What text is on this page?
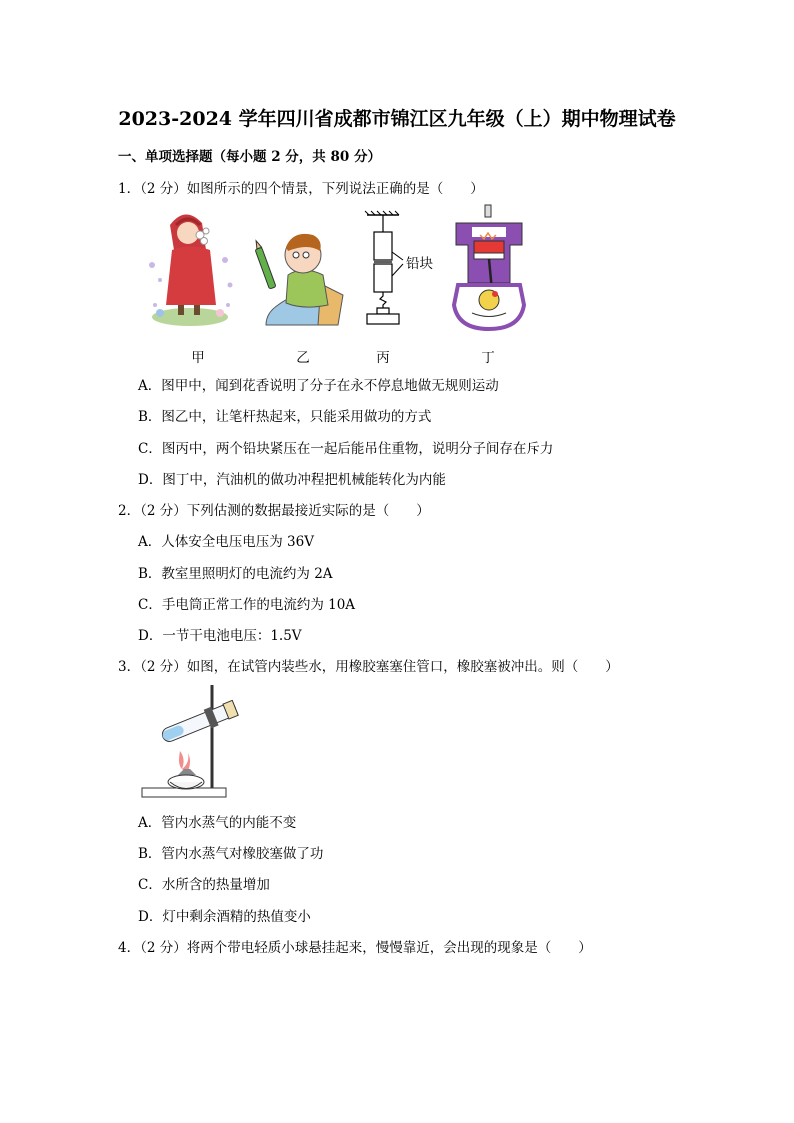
2023-2024 学年四川省成都市锦江区九年级（上）期中物理试卷
一、单项选择题（每小题 2 分，共 80 分）
1．（2 分）如图所示的四个情景，下列说法正确的是（　　）
甲	乙
铅块
丙	丁
A．图甲中，闻到花香说明了分子在永不停息地做无规则运动
B．图乙中，让笔杆热起来，只能采用做功的方式
C．图丙中，两个铅块紧压在一起后能吊住重物，说明分子间存在斥力
D．图丁中，汽油机的做功冲程把机械能转化为内能
2．（2 分）下列估测的数据最接近实际的是（　　）
A．人体安全电压电压为 36V
B．教室里照明灯的电流约为 2A
C．手电筒正常工作的电流约为 10A
D．一节干电池电压：1.5V
3．（2 分）如图，在试管内装些水，用橡胶塞塞住管口，橡胶塞被冲出。则（　　）
A．管内水蒸气的内能不变
B．管内水蒸气对橡胶塞做了功
C．水所含的热量增加
D．灯中剩余酒精的热值变小
4．（2 分）将两个带电轻质小球悬挂起来，慢慢靠近，会出现的现象是（　　）
